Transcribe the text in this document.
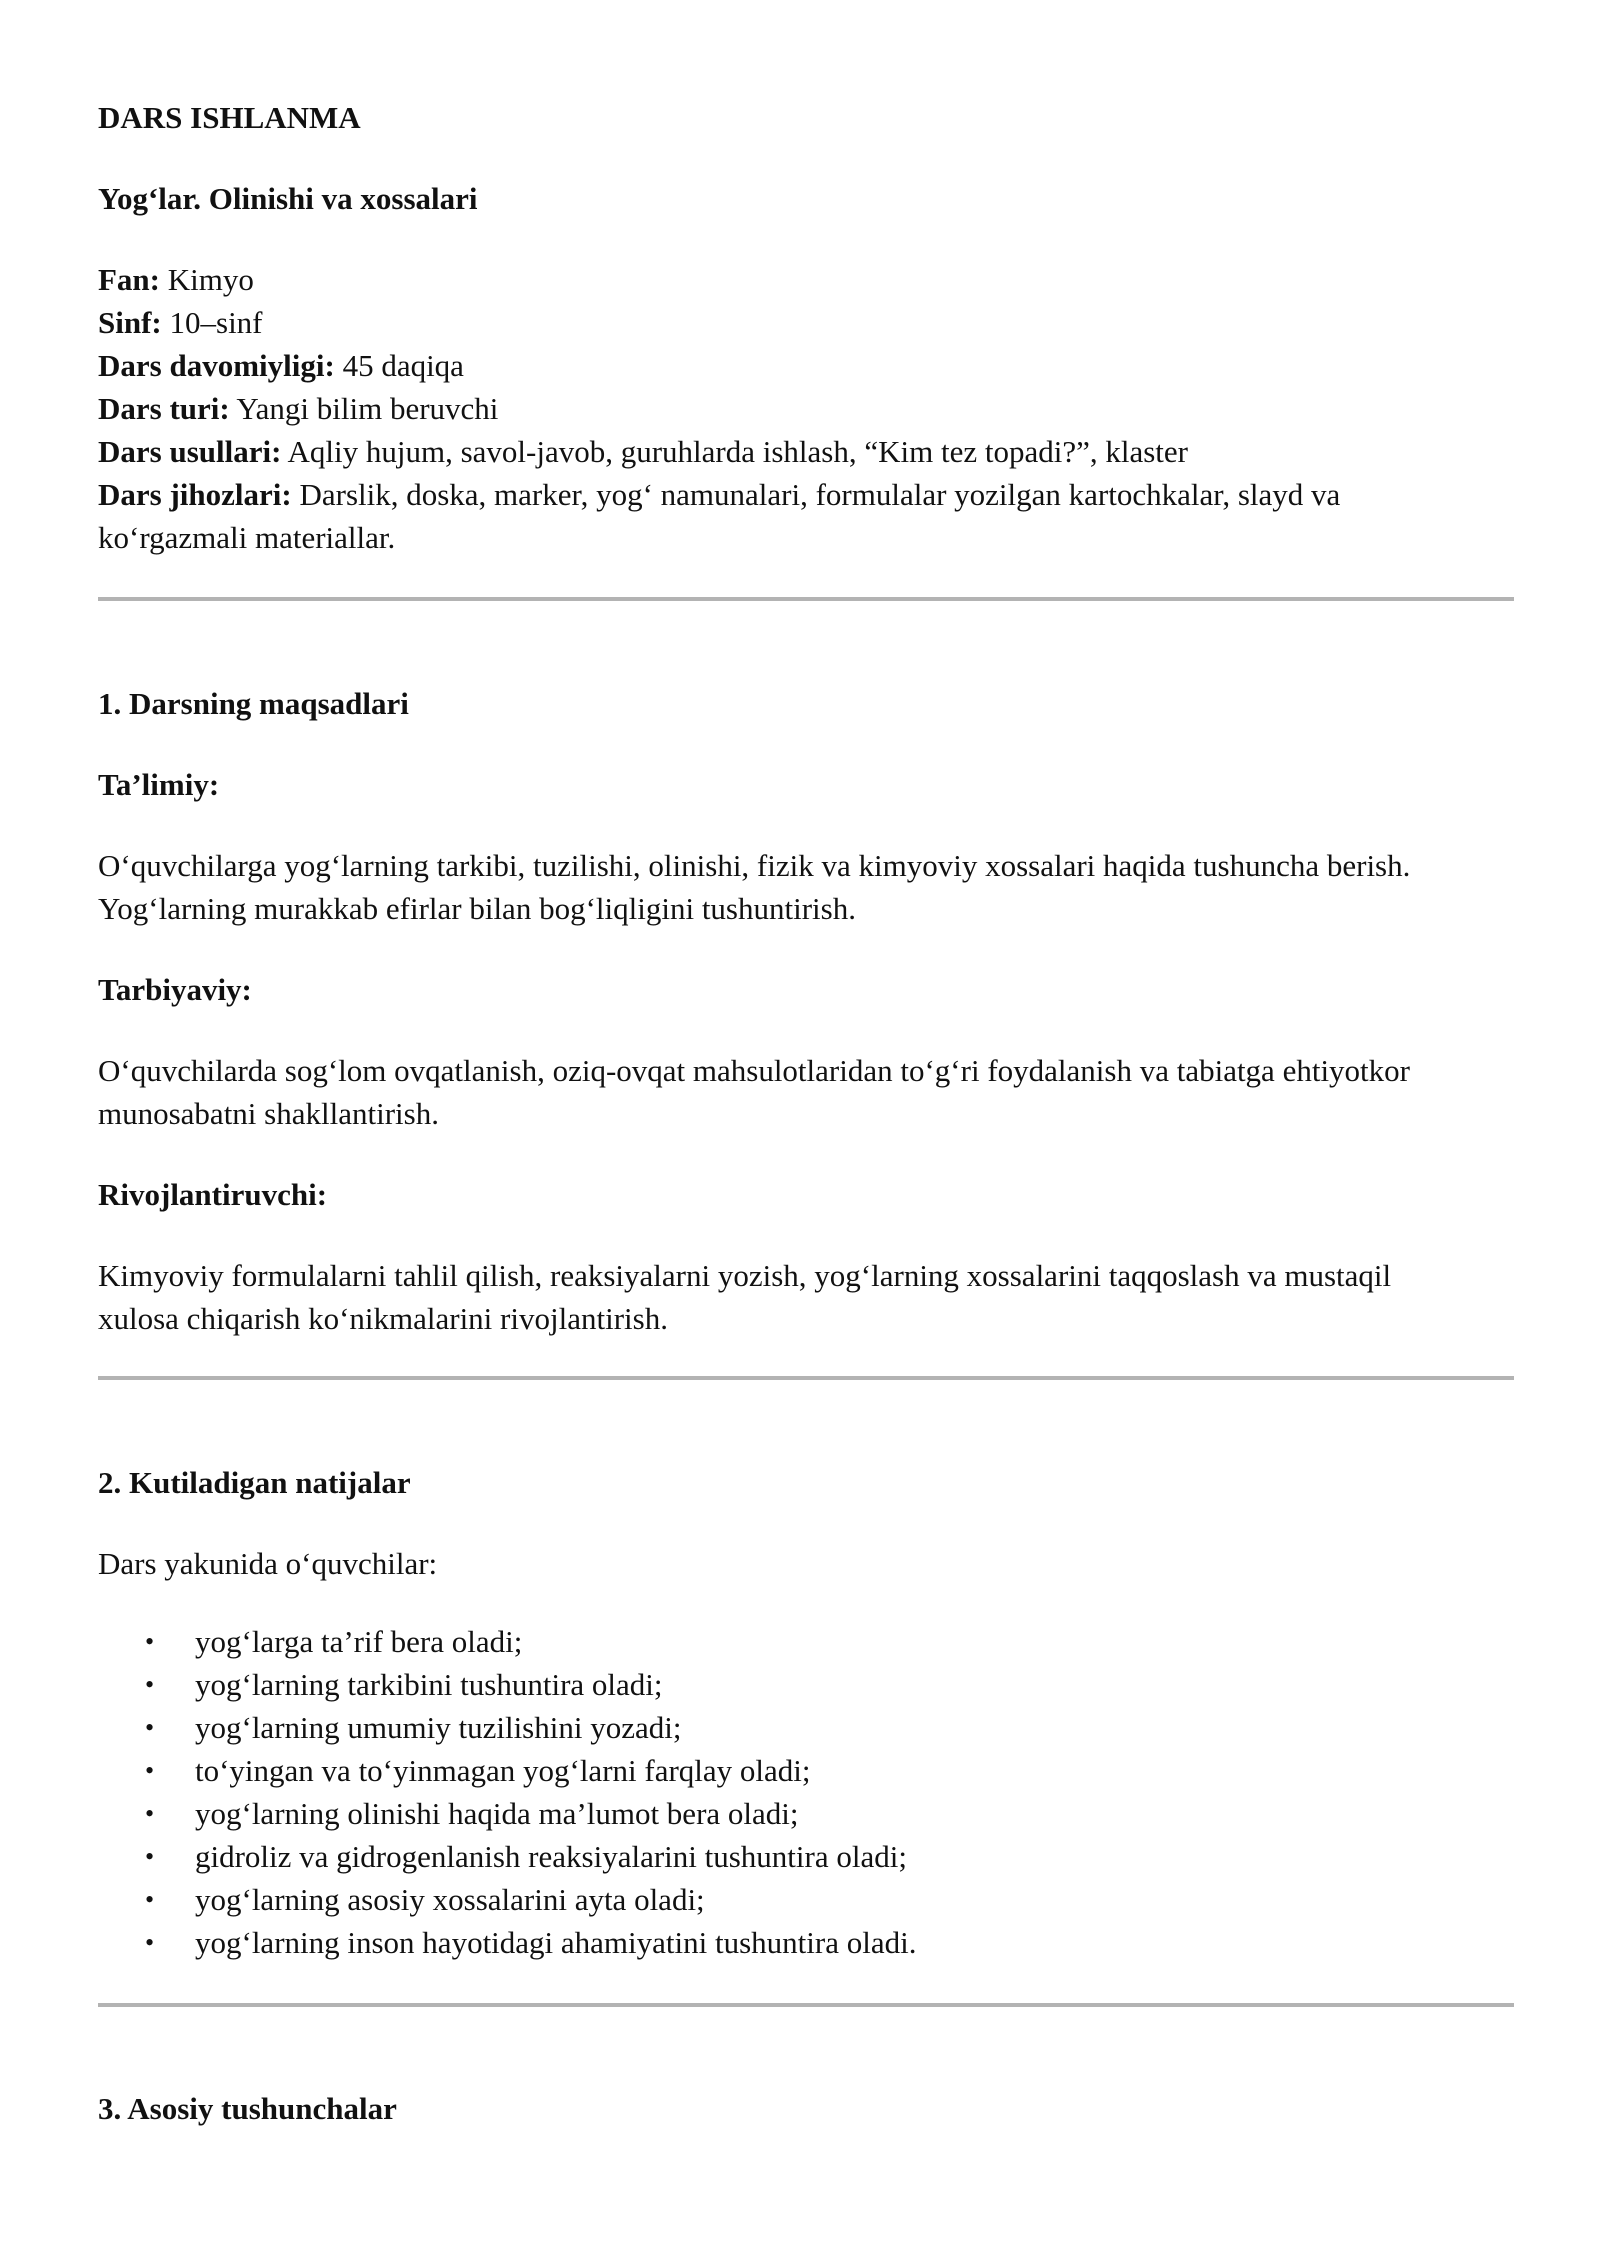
DARS ISHLANMA

Yog‘lar. Olinishi va xossalari

Fan: Kimyo

Sinf: 10–sinf

Dars davomiyligi: 45 daqiqa

Dars turi: Yangi bilim beruvchi

Dars usullari: Aqliy hujum, savol-javob, guruhlarda ishlash, “Kim tez topadi?”, klaster

Dars jihozlari: Darslik, doska, marker, yog‘ namunalari, formulalar yozilgan kartochkalar, slayd va

ko‘rgazmali materiallar.

1. Darsning maqsadlari

Ta’limiy:

O‘quvchilarga yog‘larning tarkibi, tuzilishi, olinishi, fizik va kimyoviy xossalari haqida tushuncha berish.

Yog‘larning murakkab efirlar bilan bog‘liqligini tushuntirish.

Tarbiyaviy:

O‘quvchilarda sog‘lom ovqatlanish, oziq-ovqat mahsulotlaridan to‘g‘ri foydalanish va tabiatga ehtiyotkor

munosabatni shakllantirish.

Rivojlantiruvchi:

Kimyoviy formulalarni tahlil qilish, reaksiyalarni yozish, yog‘larning xossalarini taqqoslash va mustaqil

xulosa chiqarish ko‘nikmalarini rivojlantirish.

2. Kutiladigan natijalar

Dars yakunida o‘quvchilar:

• yog‘larga ta’rif bera oladi;
• yog‘larning tarkibini tushuntira oladi;
• yog‘larning umumiy tuzilishini yozadi;
• to‘yingan va to‘yinmagan yog‘larni farqlay oladi;
• yog‘larning olinishi haqida ma’lumot bera oladi;
• gidroliz va gidrogenlanish reaksiyalarini tushuntira oladi;
• yog‘larning asosiy xossalarini ayta oladi;
• yog‘larning inson hayotidagi ahamiyatini tushuntira oladi.

3. Asosiy tushunchalar
